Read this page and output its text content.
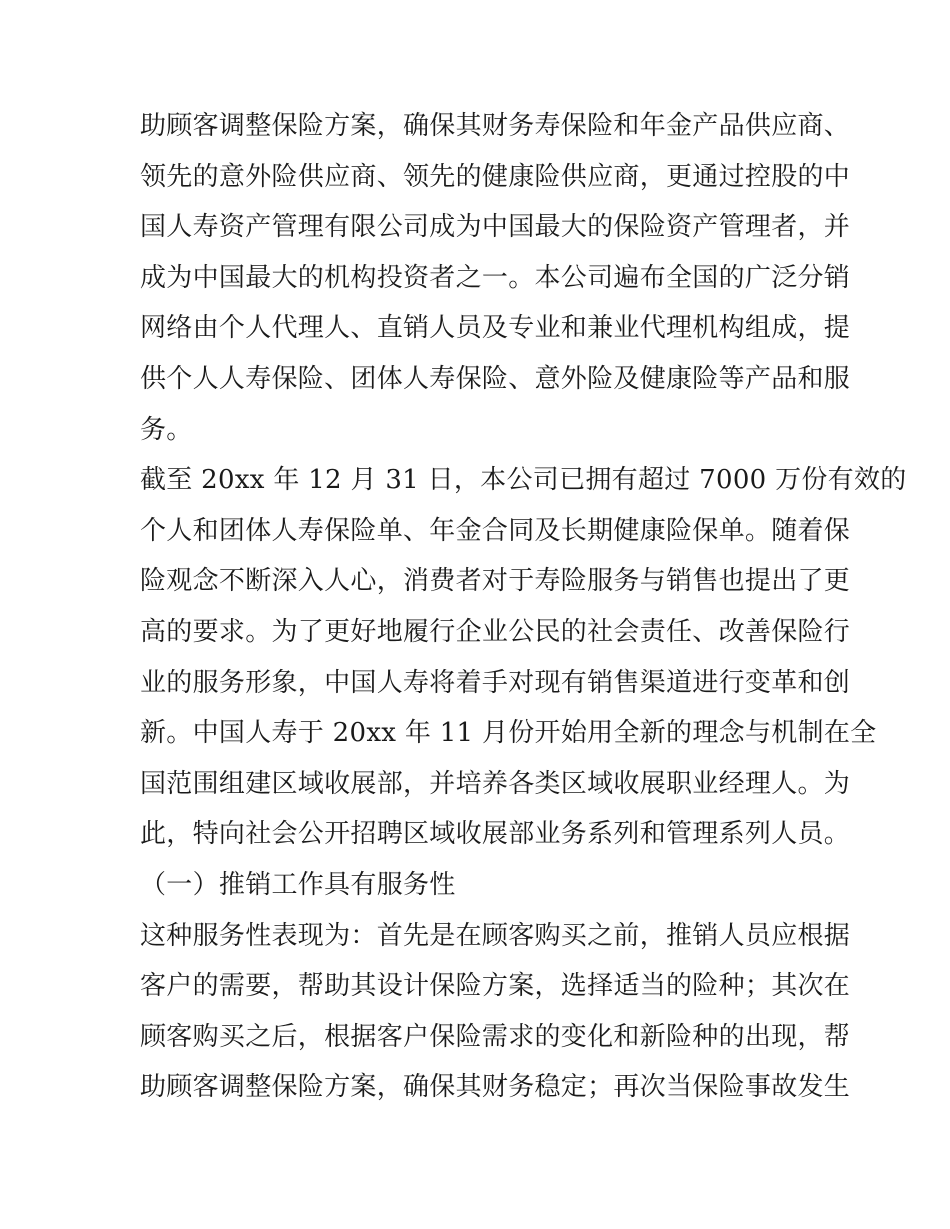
助顾客调整保险方案，确保其财务寿保险和年金产品供应商、
领先的意外险供应商、领先的健康险供应商，更通过控股的中
国人寿资产管理有限公司成为中国最大的保险资产管理者，并
成为中国最大的机构投资者之一。本公司遍布全国的广泛分销
网络由个人代理人、直销人员及专业和兼业代理机构组成，提
供个人人寿保险、团体人寿保险、意外险及健康险等产品和服
务。
截至 20xx 年 12 月 31 日，本公司已拥有超过 7000 万份有效的
个人和团体人寿保险单、年金合同及长期健康险保单。随着保
险观念不断深入人心，消费者对于寿险服务与销售也提出了更
高的要求。为了更好地履行企业公民的社会责任、改善保险行
业的服务形象，中国人寿将着手对现有销售渠道进行变革和创
新。中国人寿于 20xx 年 11 月份开始用全新的理念与机制在全
国范围组建区域收展部，并培养各类区域收展职业经理人。为
此，特向社会公开招聘区域收展部业务系列和管理系列人员。
（一）推销工作具有服务性
这种服务性表现为：首先是在顾客购买之前，推销人员应根据
客户的需要，帮助其设计保险方案，选择适当的险种；其次在
顾客购买之后，根据客户保险需求的变化和新险种的出现，帮
助顾客调整保险方案，确保其财务稳定；再次当保险事故发生
